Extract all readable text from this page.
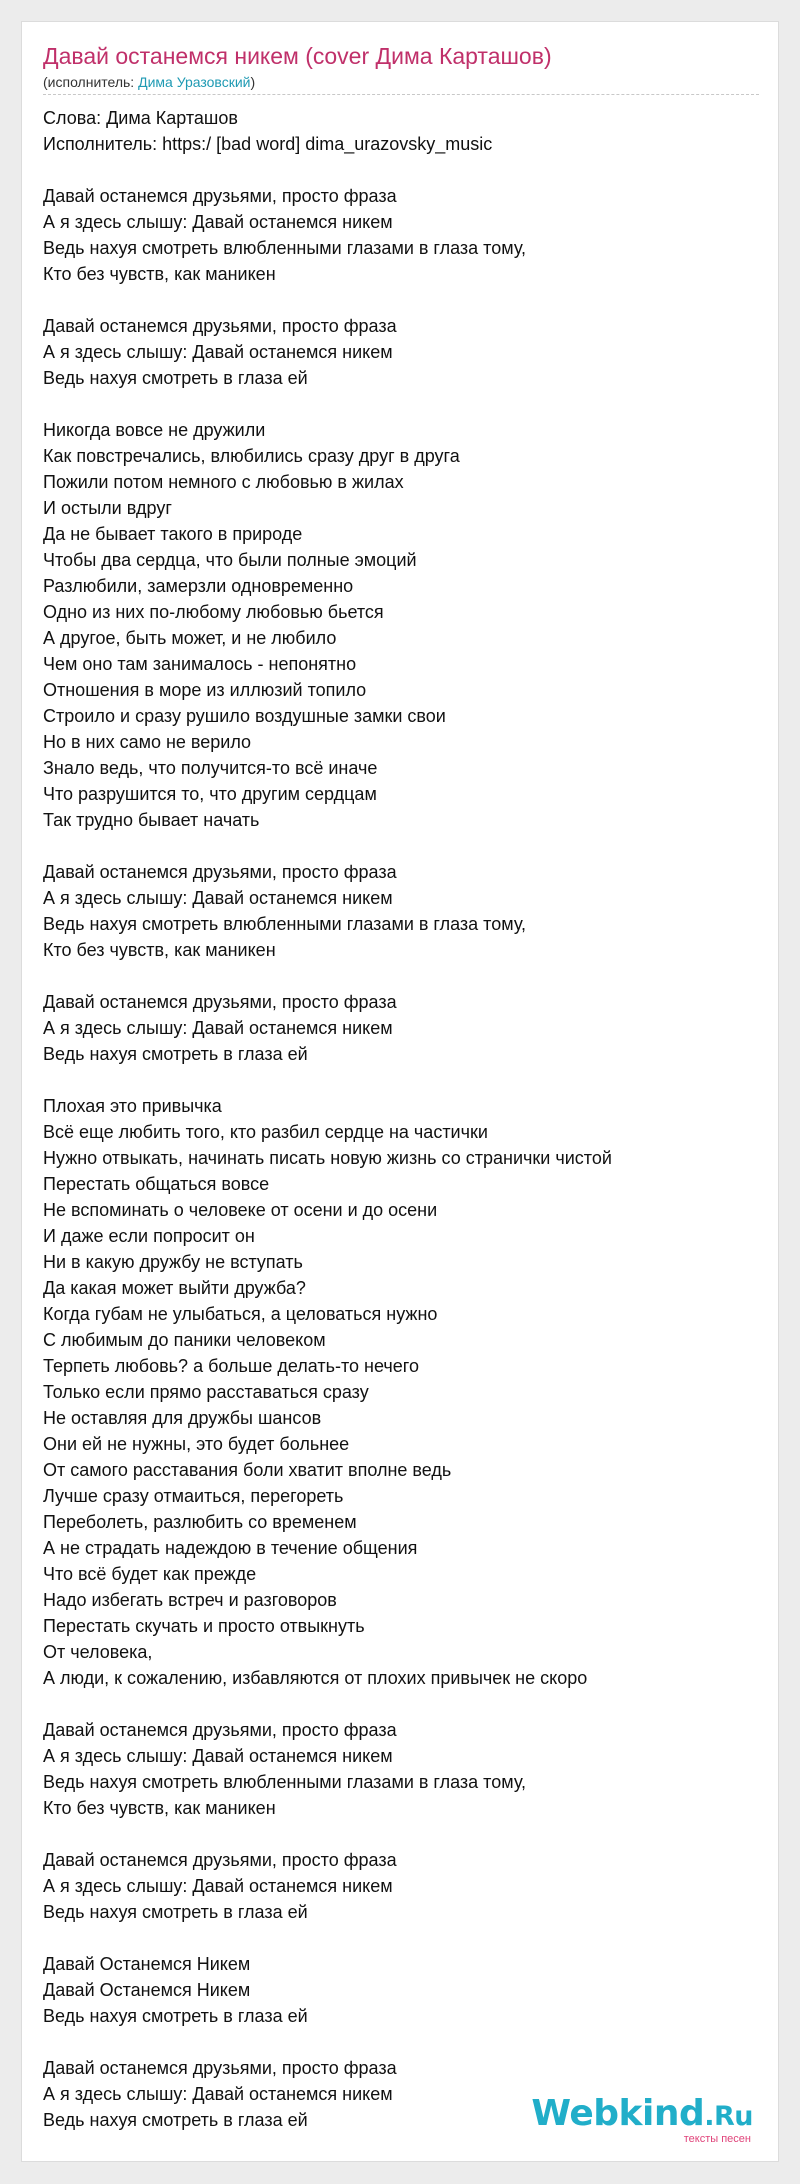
Давай останемся никем (cover Дима Карташов)
(исполнитель: Дима Уразовский)
Слова: Дима Карташов
Исполнитель: https:/ [bad word] dima_urazovsky_music
Давай останемся друзьями, просто фраза
А я здесь слышу: Давай останемся никем
Ведь нахуя смотреть влюбленными глазами в глаза тому,
Кто без чувств, как маникен
Давай останемся друзьями, просто фраза
А я здесь слышу: Давай останемся никем
Ведь нахуя смотреть в глаза ей
Никогда вовсе не дружили
Как повстречались, влюбились сразу друг в друга
Пожили потом немного с любовью в жилах
И остыли вдруг
Да не бывает такого в природе
Чтобы два сердца, что были полные эмоций
Разлюбили, замерзли одновременно
Одно из них по-любому любовью бьется
А другое, быть может, и не любило
Чем оно там занималось - непонятно
Отношения в море из иллюзий топило
Строило и сразу рушило воздушные замки свои
Но в них само не верило
Знало ведь, что получится-то всё иначе
Что разрушится то, что другим сердцам
Так трудно бывает начать
Давай останемся друзьями, просто фраза
А я здесь слышу: Давай останемся никем
Ведь нахуя смотреть влюбленными глазами в глаза тому,
Кто без чувств, как маникен
Давай останемся друзьями, просто фраза
А я здесь слышу: Давай останемся никем
Ведь нахуя смотреть в глаза ей
Плохая это привычка
Всё еще любить того, кто разбил сердце на частички
Нужно отвыкать, начинать писать новую жизнь со странички чистой
Перестать общаться вовсе
Не вспоминать о человеке от осени и до осени
И даже если попросит он
Ни в какую дружбу не вступать
Да какая может выйти дружба?
Когда губам не улыбаться, а целоваться нужно
С любимым до паники человеком
Терпеть любовь? а больше делать-то нечего
Только если прямо расставаться сразу
Не оставляя для дружбы шансов
Они ей не нужны, это будет больнее
От самого расставания боли хватит вполне ведь
Лучше сразу отмаиться, перегореть
Переболеть, разлюбить со временем
А не страдать надеждою в течение общения
Что всё будет как прежде
Надо избегать встреч и разговоров
Перестать скучать и просто отвыкнуть
От человека,
А люди, к сожалению, избавляются от плохих привычек не скоро
Давай останемся друзьями, просто фраза
А я здесь слышу: Давай останемся никем
Ведь нахуя смотреть влюбленными глазами в глаза тому,
Кто без чувств, как маникен
Давай останемся друзьями, просто фраза
А я здесь слышу: Давай останемся никем
Ведь нахуя смотреть в глаза ей
Давай Останемся Никем
Давай Останемся Никем
Ведь нахуя смотреть в глаза ей
Давай останемся друзьями, просто фраза
А я здесь слышу: Давай останемся никем
Ведь нахуя смотреть в глаза ей	Webkind.Ru
тексты песен
